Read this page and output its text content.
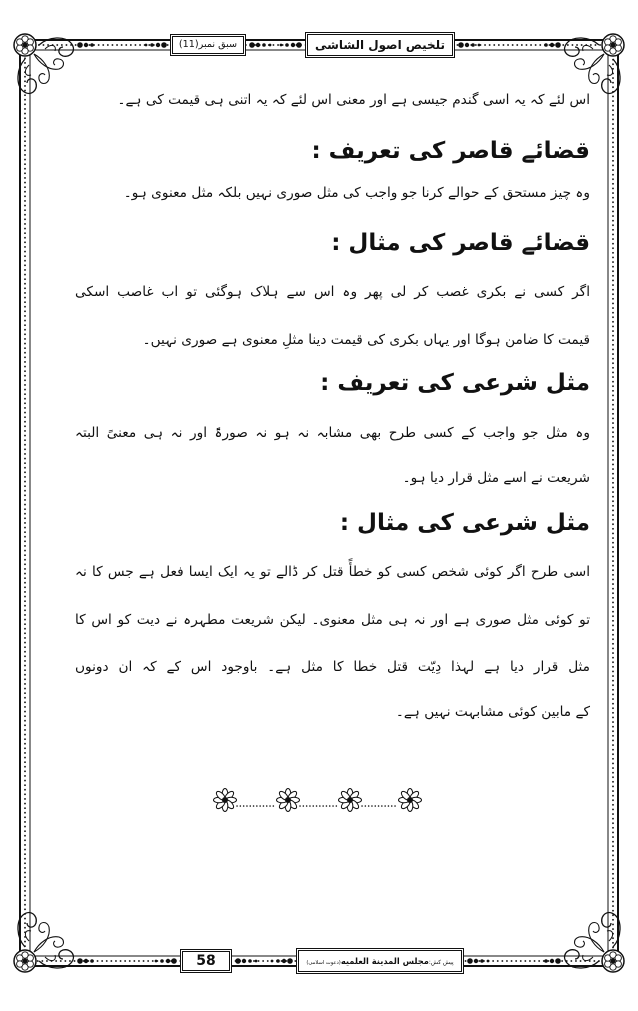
تلخیص اصول الشاشی
سبق نمبر(11)
اس لئے کہ یہ اسی گندم جیسی ہے اور معنی اس لئے کہ یہ اتنی ہی قیمت کی ہے۔
قضائے قاصر کی تعریف :
وہ چیز مستحق کے حوالے کرنا جو واجب کی مثل صوری نہیں بلکہ مثل معنوی ہو۔
قضائے قاصر کی مثال :
اگر کسی نے بکری غصب کر لی پھر وہ اس سے ہلاک ہوگئی تو اب غاصب اسکی
قیمت کا ضامن ہوگا اور یہاں بکری کی قیمت دینا مثلِ معنوی ہے صوری نہیں۔
مثل شرعی کی تعریف :
وہ مثل جو واجب کے کسی طرح بھی مشابہ نہ ہو نہ صورۃً اور نہ ہی معنیً البتہ
شریعت نے اسے مثل قرار دیا ہو۔
مثل شرعی کی مثال :
اسی طرح اگر کوئی شخص کسی کو خطأً قتل کر ڈالے تو یہ ایک ایسا فعل ہے جس کا نہ
تو کوئی مثل صوری ہے اور نہ ہی مثل معنوی۔ لیکن شریعت مطہرہ نے دیت کو اس کا
مثل قرار دیا ہے لہذا دِیّت قتل خطا کا مثل ہے۔ باوجود اس کے کہ ان دونوں
کے مابین کوئی مشابہت نہیں ہے۔
58	پیش کش:مجلس المدینة العلمیه(دعوت اسلامی)
